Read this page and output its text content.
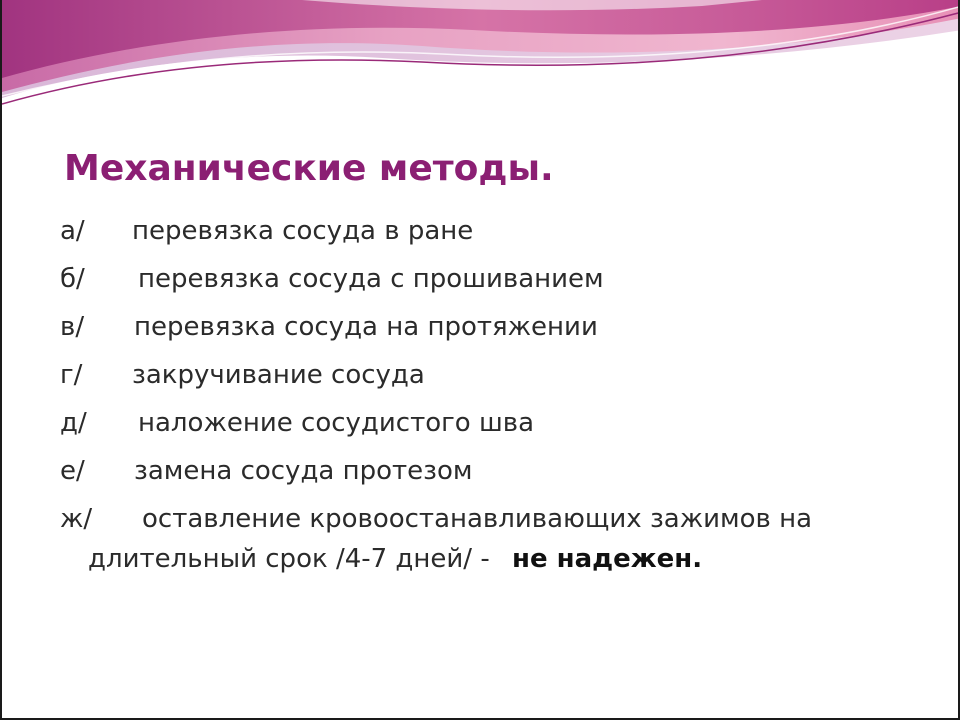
Механические методы.
а/ перевязка сосуда в ране
б/ перевязка сосуда с прошиванием
в/ перевязка сосуда на протяжении
г/ закручивание сосуда
д/ наложение сосудистого шва
е/ замена сосуда протезом
ж/ оставление кровоостанавливающих зажимов на
длительный срок /4-7 дней/ - не надежен.
